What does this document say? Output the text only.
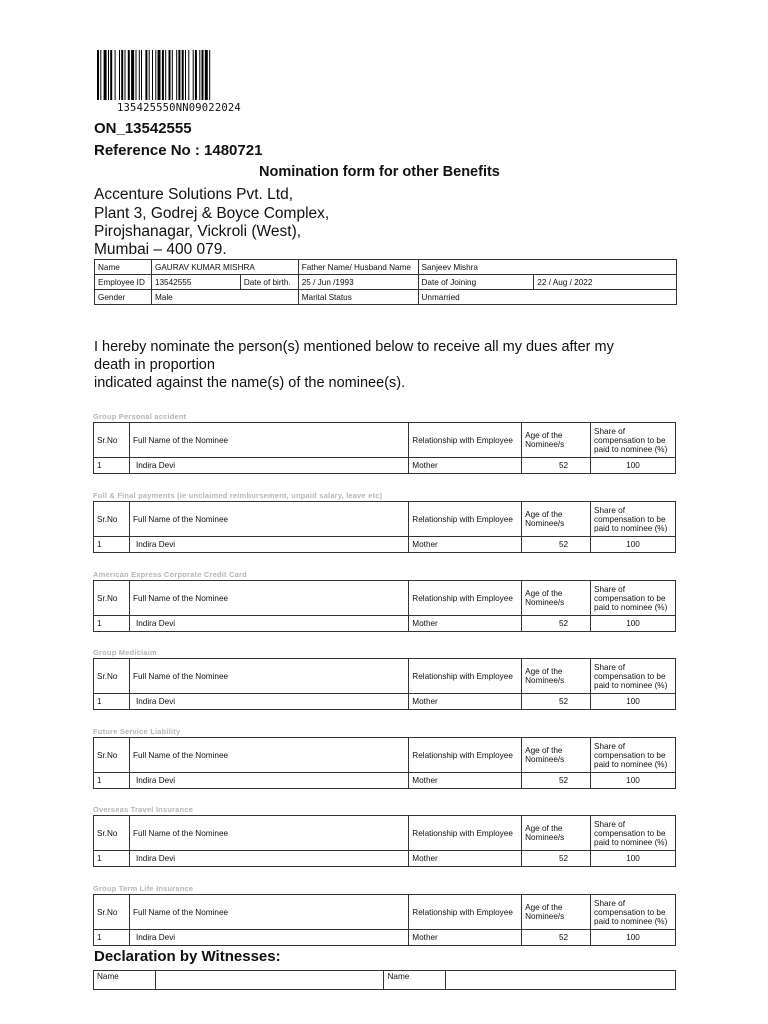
135425550NN09022024
ON_13542555
Reference No : 1480721
Nomination form for other Benefits
Accenture Solutions Pvt. Ltd,
Plant 3, Godrej & Boyce Complex,
Pirojshanagar, Vickroli (West),
Mumbai – 400 079.
Name	GAURAV KUMAR MISHRA		Father Name/ Husband Name	Sanjeev Mishra	
Employee ID	13542555	Date of birth.	25 / Jun /1993	Date of Joining	22 / Aug / 2022
Gender	Male		Marital Status	Unmarried	
I hereby nominate the person(s) mentioned below to receive all my dues after my
death in proportion
indicated against the name(s) of the nominee(s).
Group Personal accident
Sr.No	Full Name of the Nominee	Relationship with Employee	Age of the Nominee/s	Share of compensation to be paid to nominee (%)
1	Indira Devi	Mother	52	100
Full & Final payments (ie unclaimed reimbursement, unpaid salary, leave etc)
Sr.No	Full Name of the Nominee	Relationship with Employee	Age of the Nominee/s	Share of compensation to be paid to nominee (%)
1	Indira Devi	Mother	52	100
American Express Corporate Credit Card
Sr.No	Full Name of the Nominee	Relationship with Employee	Age of the Nominee/s	Share of compensation to be paid to nominee (%)
1	Indira Devi	Mother	52	100
Group Mediclaim
Sr.No	Full Name of the Nominee	Relationship with Employee	Age of the Nominee/s	Share of compensation to be paid to nominee (%)
1	Indira Devi	Mother	52	100
Future Service Liability
Sr.No	Full Name of the Nominee	Relationship with Employee	Age of the Nominee/s	Share of compensation to be paid to nominee (%)
1	Indira Devi	Mother	52	100
Overseas Travel Insurance
Sr.No	Full Name of the Nominee	Relationship with Employee	Age of the Nominee/s	Share of compensation to be paid to nominee (%)
1	Indira Devi	Mother	52	100
Group Term Life Insurance
Sr.No	Full Name of the Nominee	Relationship with Employee	Age of the Nominee/s	Share of compensation to be paid to nominee (%)
1	Indira Devi	Mother	52	100
Declaration by Witnesses:
Name		Name	
